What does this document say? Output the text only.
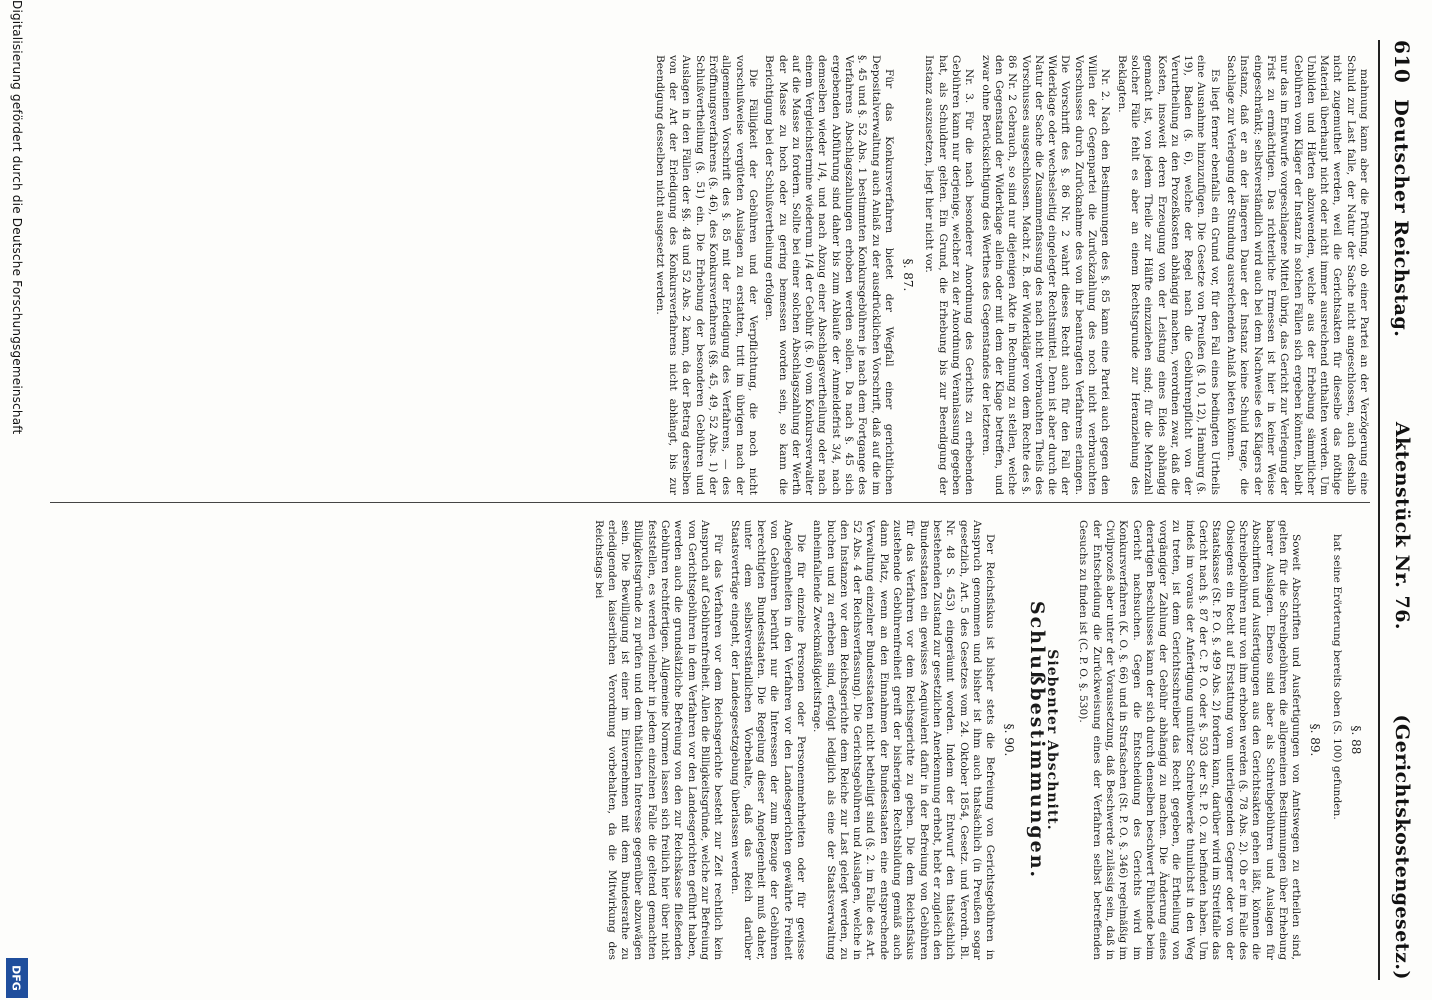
610
Deutscher Reichstag.
Aktenstück Nr. 76.
(Gerichtskostengesetz.)

mahnung kann aber die Prüfung, ob einer Partei an der Verzögerung eine Schuld zur Last falle, der Natur der Sache nicht angeschlossen, auch deshalb nicht zugemuthet werden, weil die Gerichtsakten für dieselbe das nöthige Material überhaupt nicht oder nicht immer ausreichend enthalten werden. Um Unbilden und Härten abzuwenden, welche aus der Erhebung sämmtlicher Gebühren vom Kläger der Instanz in solchen Fällen sich ergeben könnten, bleibt nur das im Entwurfe vorgeschlagene Mittel übrig, das Gericht zur Verlegung der Frist zu ermächtigen. Das richterliche Ermessen ist hier in keiner Weise eingeschränkt; selbstverständlich wird auch bei dem Nachweise des Klägers der Instanz, daß er an der längeren Dauer der Instanz keine Schuld trage, die Sachlage zur Verlegung der Stundung ausreichenden Anlaß bieten können.

Es liegt ferner ebenfalls ein Grund vor, für den Fall eines bedingten Urtheils eine Ausnahme hinzuzufügen. Die Gesetze von Preußen (§. 10, 12), Hamburg (§. 19), Baden (§. 6), welche der Regel nach die Gebührenpflicht von der Verurtheilung zu den Prozeßkosten abhängig machen, verordnen zwar, daß die Kosten, insoweit deren Erzeugung von der Leistung eines Eides abhängig gemacht ist, von jedem Theile zur Hälfte einzuziehen sind; für die Mehrzahl solcher Fälle fehlt es aber an einem Rechtsgrunde zur Heranziehung des Beklagten.

Nr. 2. Nach den Bestimmungen des §. 85 kann eine Partei auch gegen den Willen der Gegenpartei die Zurückzahlung des noch nicht verbrauchten Vorschusses durch Zurücknahme des von ihr beantragten Verfahrens erlangen. Die Vorschrift des §. 86 Nr. 2 wahrt dieses Recht auch für den Fall der Widerklage oder wechselseitig eingelegter Rechtsmittel. Denn ist aber durch die Natur der Sache die Zusammenfassung des nach nicht verbrauchten Theils des Vorschusses ausgeschlossen. Macht z. B. der Widerkläger von dem Rechte des §. 86 Nr. 2 Gebrauch, so sind nur diejenigen Akte in Rechnung zu stellen, welche den Gegenstand der Widerklage allein oder mit dem der Klage betreffen, und zwar ohne Berücksichtigung des Werthes des Gegenstandes der letzteren.

Nr. 3. Für die nach besonderer Anordnung des Gerichts zu erhebenden Gebühren kann nur derjenige, welcher zu der Anordnung Veranlassung gegeben hat, als Schuldner gelten. Ein Grund, die Erhebung bis zur Beendigung der Instanz auszusetzen, liegt hier nicht vor.

§. 87.

Für das Konkursverfahren bietet der Wegfall einer gerichtlichen Depositalverwaltung auch Anlaß zu der ausdrücklichen Vorschrift, daß auf die im §. 45 und §. 52 Abs. 1 bestimmten Konkursgebühren je nach dem Fortgange des Verfahrens Abschlagszahlungen erhoben werden sollen. Da nach §. 45 sich ergebenden Abführung sind daher bis zum Ablaufe der Anmeldefrist 3/4, nach demselben wieder 1/4, und nach Abzug einer Abschlagsvertheilung oder nach einem Vergleichstermine wiederum 1/4 der Gebühr (§. 6) vom Konkursverwalter auf die Masse zu fordern. Sollte bei einer solchen Abschlagszahlung der Werth der Masse zu hoch oder zu gering bemessen worden sein, so kann die Berichtigung bei der Schlußvertheilung erfolgen.

Die Fälligkeit der Gebühren und der Verpflichtung, die noch nicht vorschußweise vergüteten Auslagen zu erstatten, tritt im übrigen nach der allgemeinen Vorschrift des §. 85 mit der Erledigung des Verfahrens, — des Eröffnungsverfahrens (§. 46), des Konkursverfahrens (§§. 45, 49, 52 Abs. 1) der Schlußvertheilung (§. 51) ein. Die Erhebung der besonderen Gebühren und Auslagen in den Fällen der §§. 48 und 52 Abs. 2 kann, da der Betrag derselben von der Art der Erledigung des Konkursverfahrens nicht abhängt, bis zur Beendigung desselben nicht ausgesetzt werden.

§. 88

hat seine Erörterung bereits oben (S. 100) gefunden.

§. 89.

Soweit Abschriften und Ausfertigungen von Amtswegen zu ertheilen sind, gelten für die Schreibgebühren die allgemeinen Bestimmungen über Erhebung baarer Auslagen. Ebenso sind aber als Schreibgebühren und Auslagen für Abschriften und Ausfertigungen aus den Gerichtsakten gehen läßt, können die Schreibgebühren nur von ihm erhoben werden (§. 78 Abs. 2). Ob er im Falle des Obsiegens ein Recht auf Erstattung vom unterliegenden Gegner oder von der Staatskasse (St. P. O. §. 499 Abs. 2) fordern kann, darüber wird im Streitfalle das Gericht nach §. 87 der C. P. O. oder §. 503 der St. P. O. zu befinden haben. Um indeß im voraus der Anfertigung unnützer Schreibwerke thunlichst in den Weg zu treten, ist dem Gerichtsschreiber das Recht gegeben, die Ertheilung von vorgängiger Zahlung der Gebühr abhängig zu machen. Die Änderung eines derartigen Beschlusses kann der sich durch denselben beschwert Fühlende beim Gericht nachsuchen. Gegen die Entscheidung des Gerichts wird im Konkursverfahren (K. O. §. 66) und in Strafsachen (St. P. O. §. 346) regelmäßig im Civilprozeß aber unter der Voraussetzung, daß Beschwerde zulässig sein, daß in der Entscheidung die Zurückweisung eines der Verfahren selbst betreffenden Gesuchs zu finden ist (C. P. O. §. 530).

Siebenter Abschnitt.

Schlußbestimmungen.

§. 90.

Der Reichsfiskus ist bisher stets die Befreiung von Gerichtsgebühren in Anspruch genommen und bisher ist ihm auch thatsächlich (in Preußen sogar gesetzlich, Art. 5 des Gesetzes vom 24. Oktober 1854, Gesetz. und Verordn. Bl. Nr. 48 S. 453) eingeräumt worden. Indem der Entwurf den thatsächlich bestehenden Zustand zur gesetzlichen Anerkennung erhebt, hebt er zugleich den Bundesstaaten ein gewisses Aequivalent dafür in der Befreiung von Gebühren für das Verfahren vor dem Reichsgerichte zu geben. Die dem Reichsfiskus zustehende Gebührenfreiheit greift der bisherigen Rechtsbildung gemäß auch dann Platz, wenn an den Einnahmen der Bundesstaaten eine entsprechende Verwaltung einzelner Bundesstaaten nicht betheiligt sind (§. 2. im Falle des Art. 52 Abs. 4 der Reichsverfassung). Die Gerichtsgebühren und Auslagen, welche in den Instanzen vor dem Reichsgerichte dem Reiche zur Last gelegt werden, zu buchen und zu erheben sind, erfolgt lediglich als eine der Staatsverwaltung anheimfallende Zweckmäßigkeitsfrage.

Die für einzelne Personen oder Personenmehrheiten oder für gewisse Angelegenheiten in den Verfahren vor den Landesgerichten gewährte Freiheit von Gebühren berührt nur die Interessen der zum Bezuge der Gebühren berechtigten Bundesstaaten. Die Regelung dieser Angelegenheit muß daher, unter dem selbstverständlichen Vorbehalte, daß das Reich darüber Staatsverträge eingeht, der Landesgesetzgebung überlassen werden.

Für das Verfahren vor dem Reichsgerichte besteht zur Zeit rechtlich kein Anspruch auf Gebührenfreiheit. Allen die Billigkeitsgründe, welche zur Befreiung von Gerichtsgebühren in dem Verfahren vor den Landesgerichten geführt haben, werden auch die grundsätzliche Befreiung von den zur Reichskasse fließenden Gebühren rechtfertigen. Allgemeine Normen lassen sich freilich hier über nicht feststellen, es werden vielmehr in jedem einzelnen Falle die geltend gemachten Billigkeitsgründe zu prüfen und dem thätlichen Interesse gegenüber abzuwägen sein. Die Bewilligung ist einer im Einvernehmen mit dem Bundesrathe zu erledigenden kaiserlichen Verordnung vorbehalten, da die Mitwirkung des Reichstags bei

Digitalisierung gefördert durch die Deutsche Forschungsgemeinschaft
DFG
